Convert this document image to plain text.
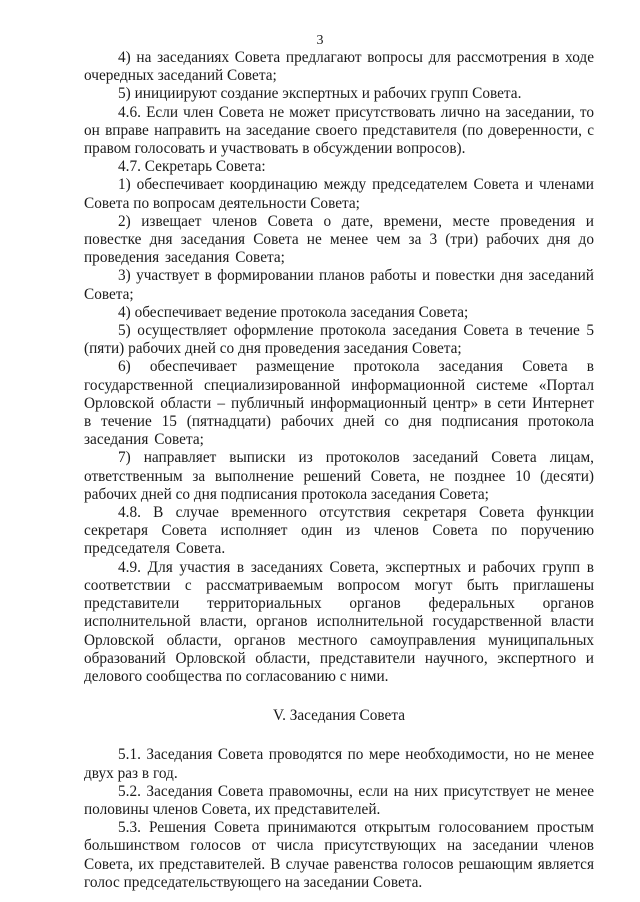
3

4) на заседаниях Совета предлагают вопросы для рассмотрения в ходе очередных заседаний Совета;

5) инициируют создание экспертных и рабочих групп Совета.

4.6. Если член Совета не может присутствовать лично на заседании, то он вправе направить на заседание своего представителя (по доверенности, с правом голосовать и участвовать в обсуждении вопросов).

4.7. Секретарь Совета:

1) обеспечивает координацию между председателем Совета и членами Совета по вопросам деятельности Совета;

2) извещает членов Совета о дате, времени, месте проведения и повестке дня заседания Совета не менее чем за 3 (три) рабочих дня до проведения заседания Совета;

3) участвует в формировании планов работы и повестки дня заседаний Совета;

4) обеспечивает ведение протокола заседания Совета;

5) осуществляет оформление протокола заседания Совета в течение 5 (пяти) рабочих дней со дня проведения заседания Совета;

6) обеспечивает размещение протокола заседания Совета в государственной специализированной информационной системе «Портал Орловской области – публичный информационный центр» в сети Интернет в течение 15 (пятнадцати) рабочих дней со дня подписания протокола заседания Совета;

7) направляет выписки из протоколов заседаний Совета лицам, ответственным за выполнение решений Совета, не позднее 10 (десяти) рабочих дней со дня подписания протокола заседания Совета;

4.8. В случае временного отсутствия секретаря Совета функции секретаря Совета исполняет один из членов Совета по поручению председателя Совета.

4.9. Для участия в заседаниях Совета, экспертных и рабочих групп в соответствии с рассматриваемым вопросом могут быть приглашены представители территориальных органов федеральных органов исполнительной власти, органов исполнительной государственной власти Орловской области, органов местного самоуправления муниципальных образований Орловской области, представители научного, экспертного и делового сообщества по согласованию с ними.

V. Заседания Совета

5.1. Заседания Совета проводятся по мере необходимости, но не менее двух раз в год.

5.2. Заседания Совета правомочны, если на них присутствует не менее половины членов Совета, их представителей.

5.3. Решения Совета принимаются открытым голосованием простым большинством голосов от числа присутствующих на заседании членов Совета, их представителей. В случае равенства голосов решающим является голос председательствующего на заседании Совета.
